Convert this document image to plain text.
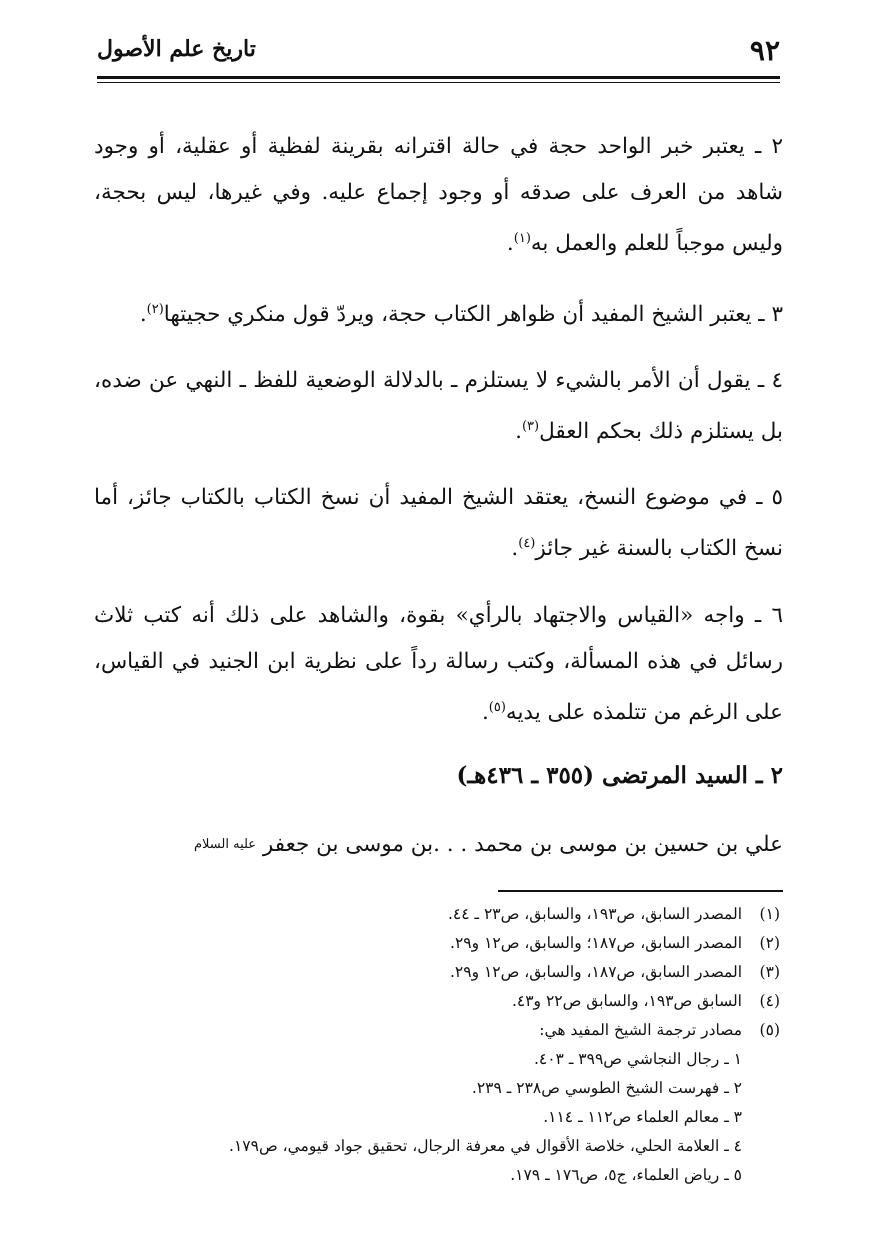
٩٢
تاريخ علم الأصول

٢ ـ يعتبر خبر الواحد حجة في حالة اقترانه بقرينة لفظية أو عقلية، أو وجود شاهد من العرف على صدقه أو وجود إجماع عليه. وفي غيرها، ليس بحجة، وليس موجباً للعلم والعمل به$^{(١)}$.

٣ ـ يعتبر الشيخ المفيد أن ظواهر الكتاب حجة، ويردّ قول منكري حجيتها$^{(٢)}$.

٤ ـ يقول أن الأمر بالشيء لا يستلزم ـ بالدلالة الوضعية للفظ ـ النهي عن ضده، بل يستلزم ذلك بحكم العقل$^{(٣)}$.

٥ ـ في موضوع النسخ، يعتقد الشيخ المفيد أن نسخ الكتاب بالكتاب جائز، أما نسخ الكتاب بالسنة غير جائز$^{(٤)}$.

٦ ـ واجه «القياس والاجتهاد بالرأي» بقوة، والشاهد على ذلك أنه كتب ثلاث رسائل في هذه المسألة، وكتب رسالة رداً على نظرية ابن الجنيد في القياس، على الرغم من تتلمذه على يديه$^{(٥)}$.

٢ ـ السيد المرتضى (٣٥٥ ـ ٤٣٦هـ)

علي بن حسين بن موسى بن محمد . . .بن موسى بن جعفر $^{عليه السلام}$

(١)المصدر السابق، ص١٩٣، والسابق، ص٢٣ ـ ٤٤.

(٢)المصدر السابق، ص١٨٧؛ والسابق، ص١٢ و٢٩.

(٣)المصدر السابق، ص١٨٧، والسابق، ص١٢ و٢٩.

(٤)السابق ص١٩٣، والسابق ص٢٢ و٤٣.

(٥)مصادر ترجمة الشيخ المفيد هي:

١ ـ رجال النجاشي ص٣٩٩ ـ ٤٠٣.

٢ ـ فهرست الشيخ الطوسي ص٢٣٨ ـ ٢٣٩.

٣ ـ معالم العلماء ص١١٢ ـ ١١٤.

٤ ـ العلامة الحلي، خلاصة الأقوال في معرفة الرجال، تحقيق جواد قيومي، ص١٧٩.

٥ ـ رياض العلماء، ج٥، ص١٧٦ ـ ١٧٩.
